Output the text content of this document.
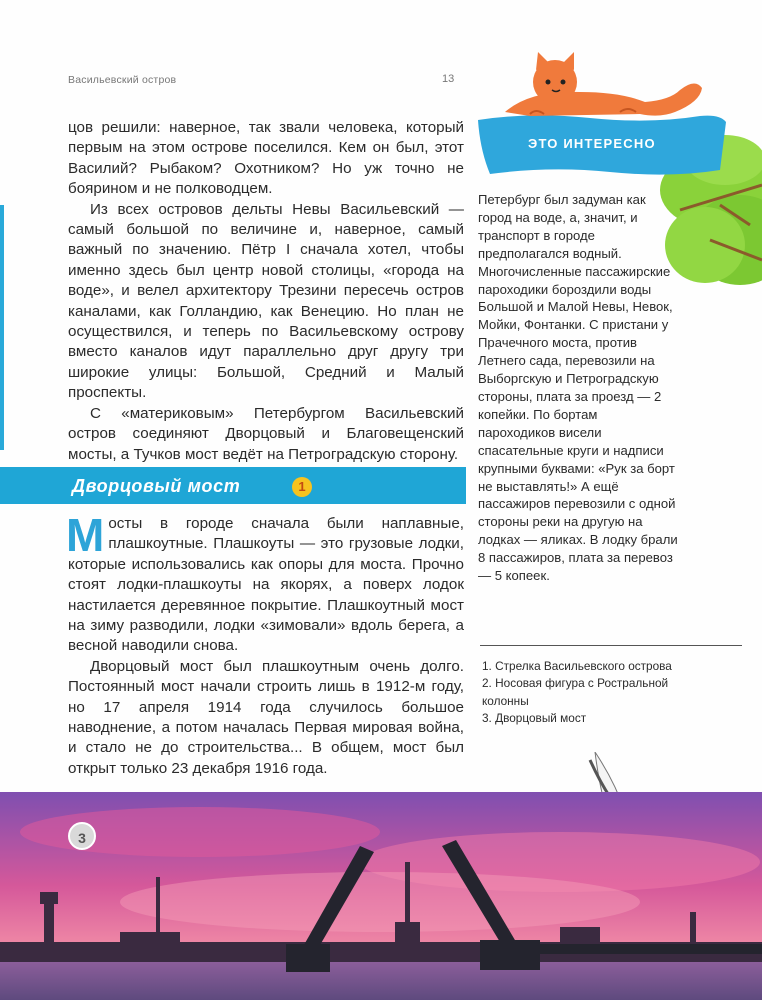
Васильевский остров	13

цов решили: наверное, так звали человека, который первым на этом острове поселился. Кем он был, этот Василий? Рыбаком? Охотником? Но уж точно не боярином и не полководцем.

Из всех островов дельты Невы Васильевский — самый большой по величине и, наверное, самый важный по значению. Пётр I сначала хотел, чтобы именно здесь был центр новой столицы, «города на воде», и велел архитектору Трезини пересечь остров каналами, как Голландию, как Венецию. Но план не осуществился, и теперь по Васильевскому острову вместо каналов идут параллельно друг другу три широкие улицы: Большой, Средний и Малый проспекты.

С «материковым» Петербургом Васильевский остров соединяют Дворцовый и Благовещенский мосты, а Тучков мост ведёт на Петроградскую сторону.

Дворцовый мост	1

Мосты в городе сначала были наплавные, плашкоутные. Плашкоуты — это грузовые лодки, которые использовались как опоры для моста. Прочно стоят лодки-плашкоуты на якорях, а поверх лодок настилается деревянное покрытие. Плашкоутный мост на зиму разводили, лодки «зимовали» вдоль берега, а весной наводили снова.

Дворцовый мост был плашкоутным очень долго. Постоянный мост начали строить лишь в 1912-м году, но 17 апреля 1914 года случилось большое наводнение, а потом началась Первая мировая война, и стало не до строительства... В общем, мост был открыт только 23 декабря 1916 года.

ЭТО ИНТЕРЕСНО
Петербург был задуман как город на воде, а, значит, и транспорт в городе предполагался водный. Многочисленные пассажирские пароходики бороздили воды Большой и Малой Невы, Невок, Мойки, Фонтанки. С пристани у Прачечного моста, против Летнего сада, перевозили на Выборгскую и Петроградскую стороны, плата за проезд — 2 копейки. По бортам пароходиков висели спасательные круги и надписи крупными буквами: «Рук за борт не выставлять!» А ещё пассажиров перевозили с одной стороны реки на другую на лодках — яликах. В лодку брали 8 пассажиров, плата за перевоз — 5 копеек.
1. Стрелка Васильевского острова
2. Носовая фигура с Ростральной колонны
3. Дворцовый мост
3
